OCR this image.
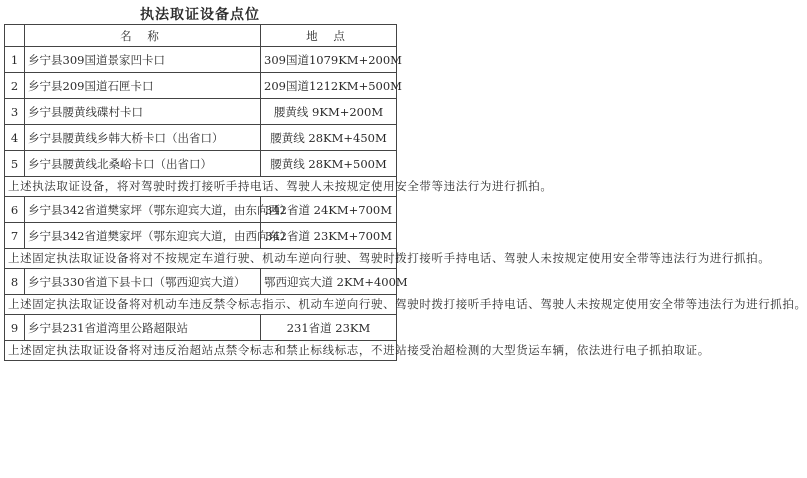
执法取证设备点位
	名 称	地 点
1	乡宁县309国道景家凹卡口	309国道1079KM+200M
2	乡宁县209国道石匣卡口	209国道1212KM+500M
3	乡宁县腰黄线碟村卡口	腰黄线 9KM+200M
4	乡宁县腰黄线乡韩大桥卡口（出省口）	腰黄线 28KM+450M
5	乡宁县腰黄线北桑峪卡口（出省口）	腰黄线 28KM+500M
上述执法取证设备，将对驾驶时拨打接听手持电话、驾驶人未按规定使用安全带等违法行为进行抓拍。		
6	乡宁县342省道樊家坪（鄂东迎宾大道，由东向西）	342省道 24KM+700M
7	乡宁县342省道樊家坪（鄂东迎宾大道，由西向东）	342省道 23KM+700M
上述固定执法取证设备将对不按规定车道行驶、机动车逆向行驶、驾驶时拨打接听手持电话、驾驶人未按规定使用安全带等违法行为进行抓拍。		
8	乡宁县330省道下县卡口（鄂西迎宾大道）	鄂西迎宾大道 2KM+400M
上述固定执法取证设备将对机动车违反禁令标志指示、机动车逆向行驶、驾驶时拨打接听手持电话、驾驶人未按规定使用安全带等违法行为进行抓拍。		
9	乡宁县231省道湾里公路超限站	231省道 23KM
上述固定执法取证设备将对违反治超站点禁令标志和禁止标线标志，不进站接受治超检测的大型货运车辆，依法进行电子抓拍取证。		
